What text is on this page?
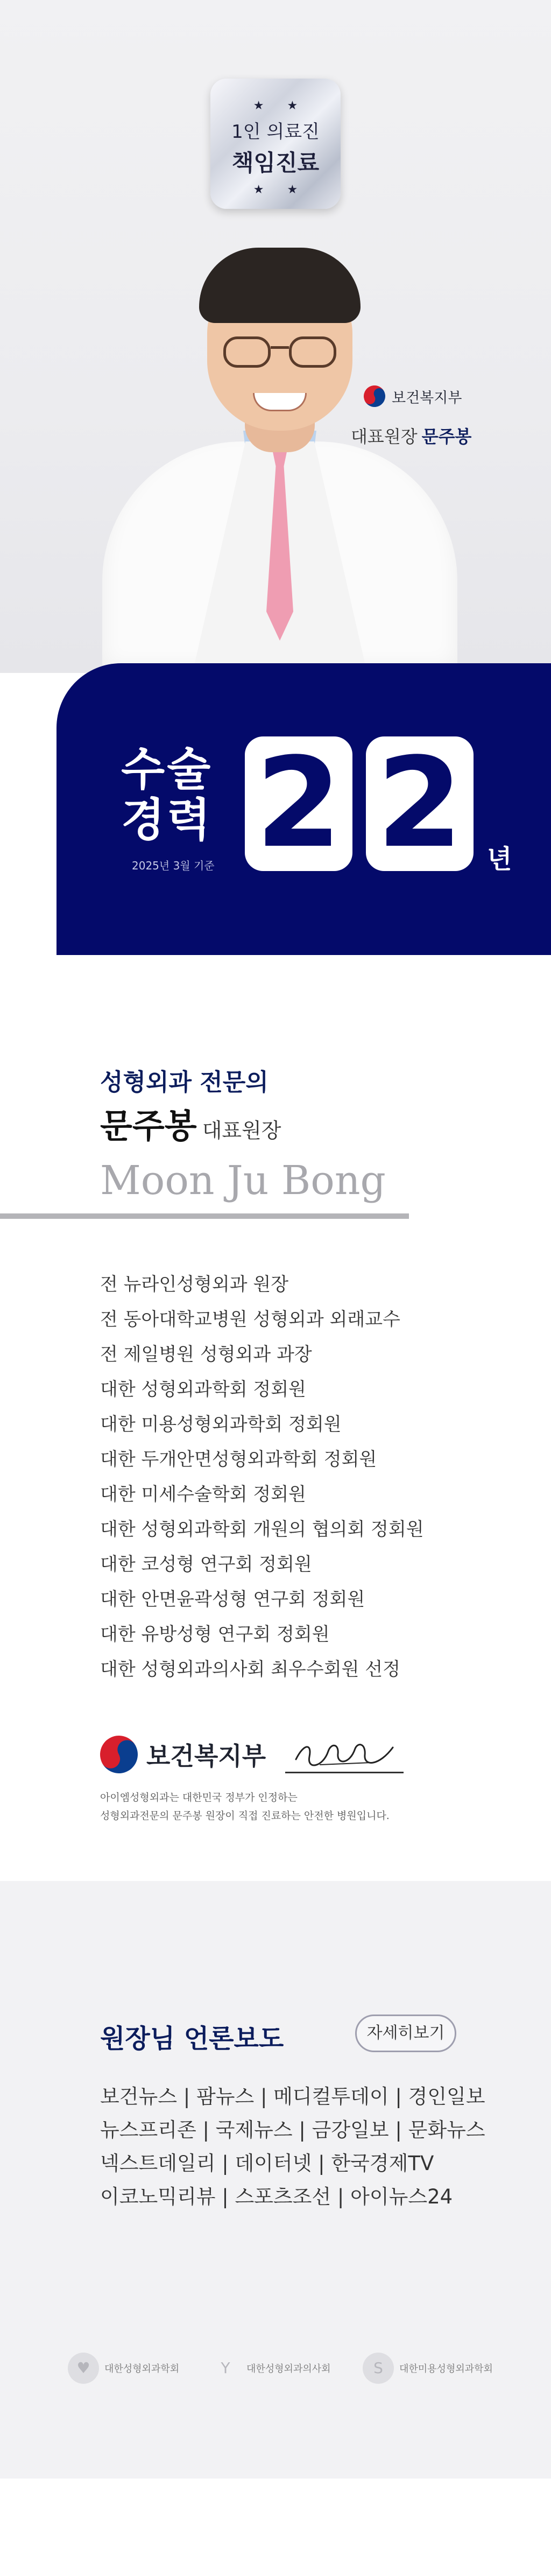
★ ★
1인 의료진
책임진료
★ ★
보건복지부
대표원장 문주봉
수술
경력
2025년 3월 기준 2 2 년
성형외과 전문의
문주봉 대표원장
Moon Ju Bong
전 뉴라인성형외과 원장
전 동아대학교병원 성형외과 외래교수
전 제일병원 성형외과 과장
대한 성형외과학회 정회원
대한 미용성형외과학회 정회원
대한 두개안면성형외과학회 정회원
대한 미세수술학회 정회원
대한 성형외과학회 개원의 협의회 정회원
대한 코성형 연구회 정회원
대한 안면윤곽성형 연구회 정회원
대한 유방성형 연구회 정회원
대한 성형외과의사회 최우수회원 선정
보건복지부
아이엠성형외과는 대한민국 정부가 인정하는
성형외과전문의 문주봉 원장이 직접 진료하는 안전한 병원입니다.
원장님 언론보도	자세히보기
보건뉴스 | 팜뉴스 | 메디컬투데이 | 경인일보
뉴스프리존 | 국제뉴스 | 금강일보 | 문화뉴스
넥스트데일리 | 데이터넷 | 한국경제TV
이코노믹리뷰 | 스포츠조선 | 아이뉴스24
♥	대한성형외과학회	Y	대한성형외과의사회	S	대한미용성형외과학회
